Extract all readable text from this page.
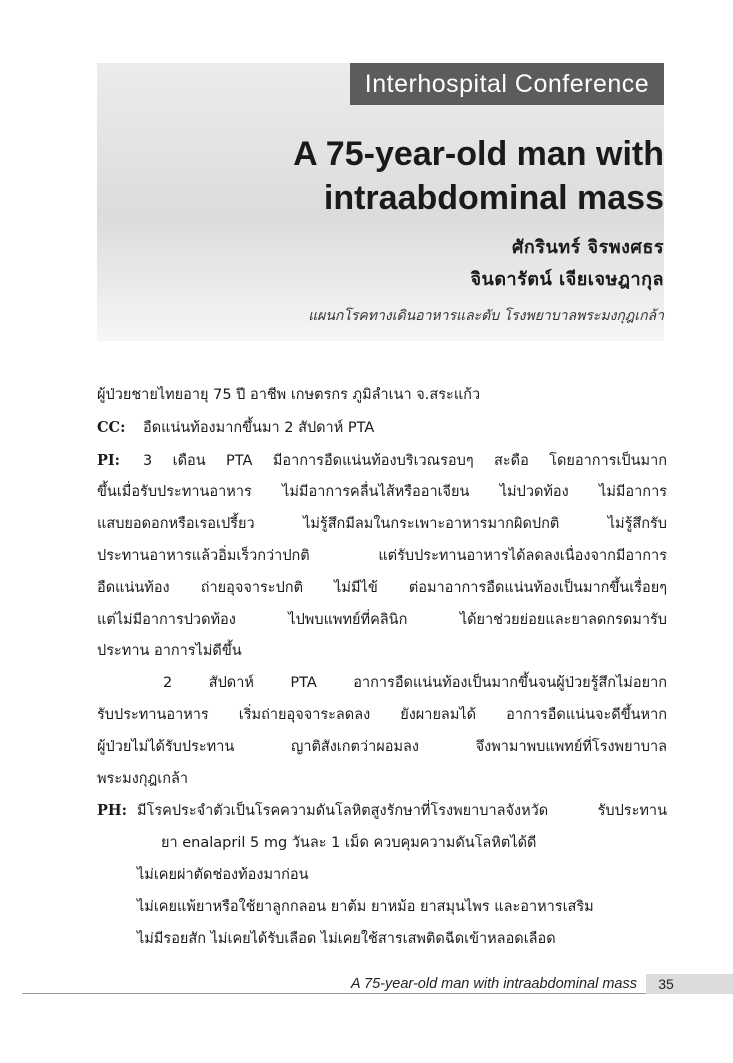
Interhospital Conference
A 75-year-old man with
intraabdominal mass
ศักรินทร์ จิรพงศธร
จินดารัตน์ เจียเจษฎากุล
แผนกโรคทางเดินอาหารและตับ โรงพยาบาลพระมงกุฎเกล้า
ผู้ป่วยชายไทยอายุ 75 ปี อาชีพ เกษตรกร ภูมิลำเนา จ.สระแก้ว
CC: อืดแน่นท้องมากขึ้นมา 2 สัปดาห์ PTA
PI: 3 เดือน PTA มีอาการอืดแน่นท้องบริเวณรอบๆ สะดือ โดยอาการเป็นมาก
ขึ้นเมื่อรับประทานอาหาร ไม่มีอาการคลื่นไส้หรืออาเจียน ไม่ปวดท้อง ไม่มีอาการ
แสบยอดอกหรือเรอเปรี้ยว ไม่รู้สึกมีลมในกระเพาะอาหารมากผิดปกติ ไม่รู้สึกรับ
ประทานอาหารแล้วอิ่มเร็วกว่าปกติ แต่รับประทานอาหารได้ลดลงเนื่องจากมีอาการ
อืดแน่นท้อง ถ่ายอุจจาระปกติ ไม่มีไข้ ต่อมาอาการอืดแน่นท้องเป็นมากขึ้นเรื่อยๆ
แต่ไม่มีอาการปวดท้อง ไปพบแพทย์ที่คลินิก ได้ยาช่วยย่อยและยาลดกรดมารับ
ประทาน อาการไม่ดีขึ้น
2 สัปดาห์ PTA อาการอืดแน่นท้องเป็นมากขึ้นจนผู้ป่วยรู้สึกไม่อยาก
รับประทานอาหาร เริ่มถ่ายอุจจาระลดลง ยังผายลมได้ อาการอืดแน่นจะดีขึ้นหาก
ผู้ป่วยไม่ได้รับประทาน ญาติสังเกตว่าผอมลง จึงพามาพบแพทย์ที่โรงพยาบาล
พระมงกุฎเกล้า
PH: มีโรคประจำตัวเป็นโรคความดันโลหิตสูงรักษาที่โรงพยาบาลจังหวัด รับประทาน
ยา enalapril 5 mg วันละ 1 เม็ด ควบคุมความดันโลหิตได้ดี
ไม่เคยผ่าตัดช่องท้องมาก่อน
ไม่เคยแพ้ยาหรือใช้ยาลูกกลอน ยาต้ม ยาหม้อ ยาสมุนไพร และอาหารเสริม
ไม่มีรอยสัก ไม่เคยได้รับเลือด ไม่เคยใช้สารเสพติดฉีดเข้าหลอดเลือด
A 75-year-old man with intraabdominal mass	35
